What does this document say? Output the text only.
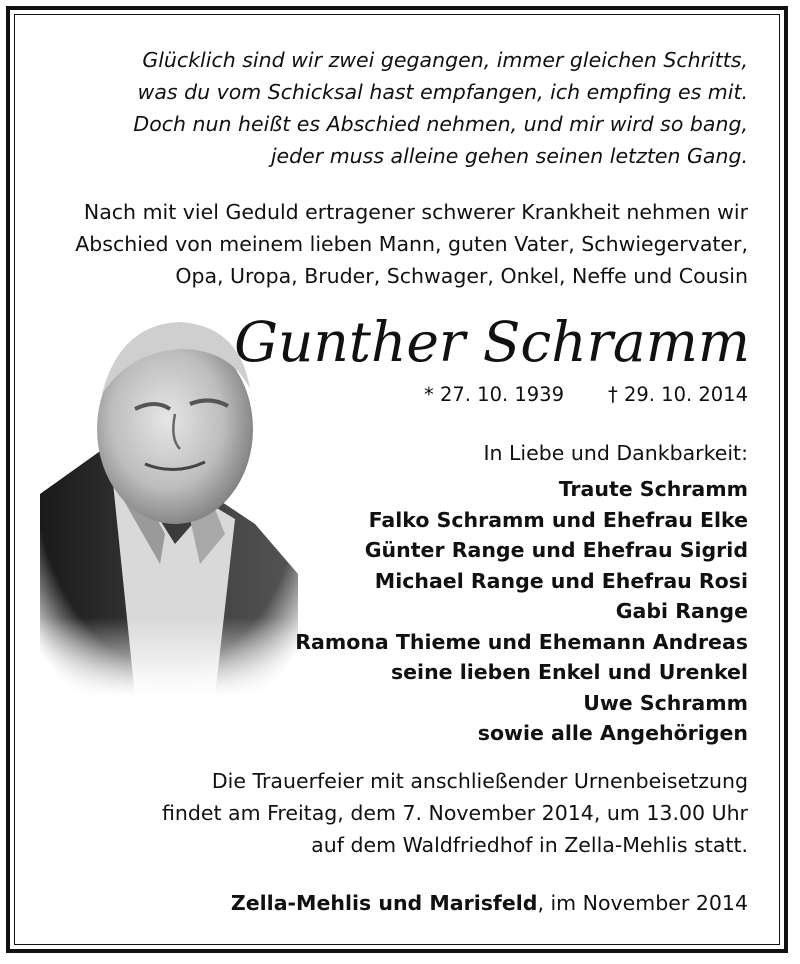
Glücklich sind wir zwei gegangen, immer gleichen Schritts,
was du vom Schicksal hast empfangen, ich empfing es mit.
Doch nun heißt es Abschied nehmen, und mir wird so bang,
jeder muss alleine gehen seinen letzten Gang.
Nach mit viel Geduld ertragener schwerer Krankheit nehmen wir
Abschied von meinem lieben Mann, guten Vater, Schwiegervater,
Opa, Uropa, Bruder, Schwager, Onkel, Neffe und Cousin
Gunther Schramm
* 27. 10. 1939 † 29. 10. 2014
In Liebe und Dankbarkeit:
Traute Schramm
Falko Schramm und Ehefrau Elke
Günter Range und Ehefrau Sigrid
Michael Range und Ehefrau Rosi
Gabi Range
Ramona Thieme und Ehemann Andreas
seine lieben Enkel und Urenkel
Uwe Schramm
sowie alle Angehörigen
Die Trauerfeier mit anschließender Urnenbeisetzung
findet am Freitag, dem 7. November 2014, um 13.00 Uhr
auf dem Waldfriedhof in Zella-Mehlis statt.
Zella-Mehlis und Marisfeld, im November 2014
